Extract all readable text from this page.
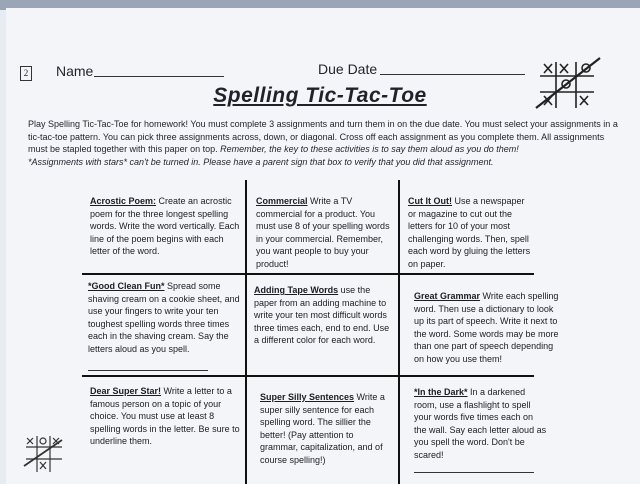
2 Name	Due Date
Spelling Tic-Tac-Toe
Play Spelling Tic-Tac-Toe for homework! You must complete 3 assignments and turn them in on the due date. You must select your assignments in a tic-tac-toe pattern. You can pick three assignments across, down, or diagonal. Cross off each assignment as you complete them. All assignments must be stapled together with this paper on top. Remember, the key to these activities is to say them aloud as you do them!
*Assignments with stars* can't be turned in. Please have a parent sign that box to verify that you did that assignment.
Acrostic Poem: Create an acrostic poem for the three longest spelling words. Write the word vertically. Each line of the poem begins with each letter of the word.
Commercial Write a TV commercial for a product. You must use 8 of your spelling words in your commercial. Remember, you want people to buy your product!
Cut It Out! Use a newspaper or magazine to cut out the letters for 10 of your most challenging words. Then, spell each word by gluing the letters on paper.
*Good Clean Fun* Spread some shaving cream on a cookie sheet, and use your fingers to write your ten toughest spelling words three times each in the shaving cream. Say the letters aloud as you spell.
Adding Tape Words use the paper from an adding machine to write your ten most difficult words three times each, end to end. Use a different color for each word.
Great Grammar Write each spelling word. Then use a dictionary to look up its part of speech. Write it next to the word. Some words may be more than one part of speech depending on how you use them!
Dear Super Star! Write a letter to a famous person on a topic of your choice. You must use at least 8 spelling words in the letter. Be sure to underline them.
Super Silly Sentences Write a super silly sentence for each spelling word. The sillier the better! (Pay attention to grammar, capitalization, and of course spelling!)
*In the Dark* In a darkened room, use a flashlight to spell your words five times each on the wall. Say each letter aloud as you spell the word. Don't be scared!
